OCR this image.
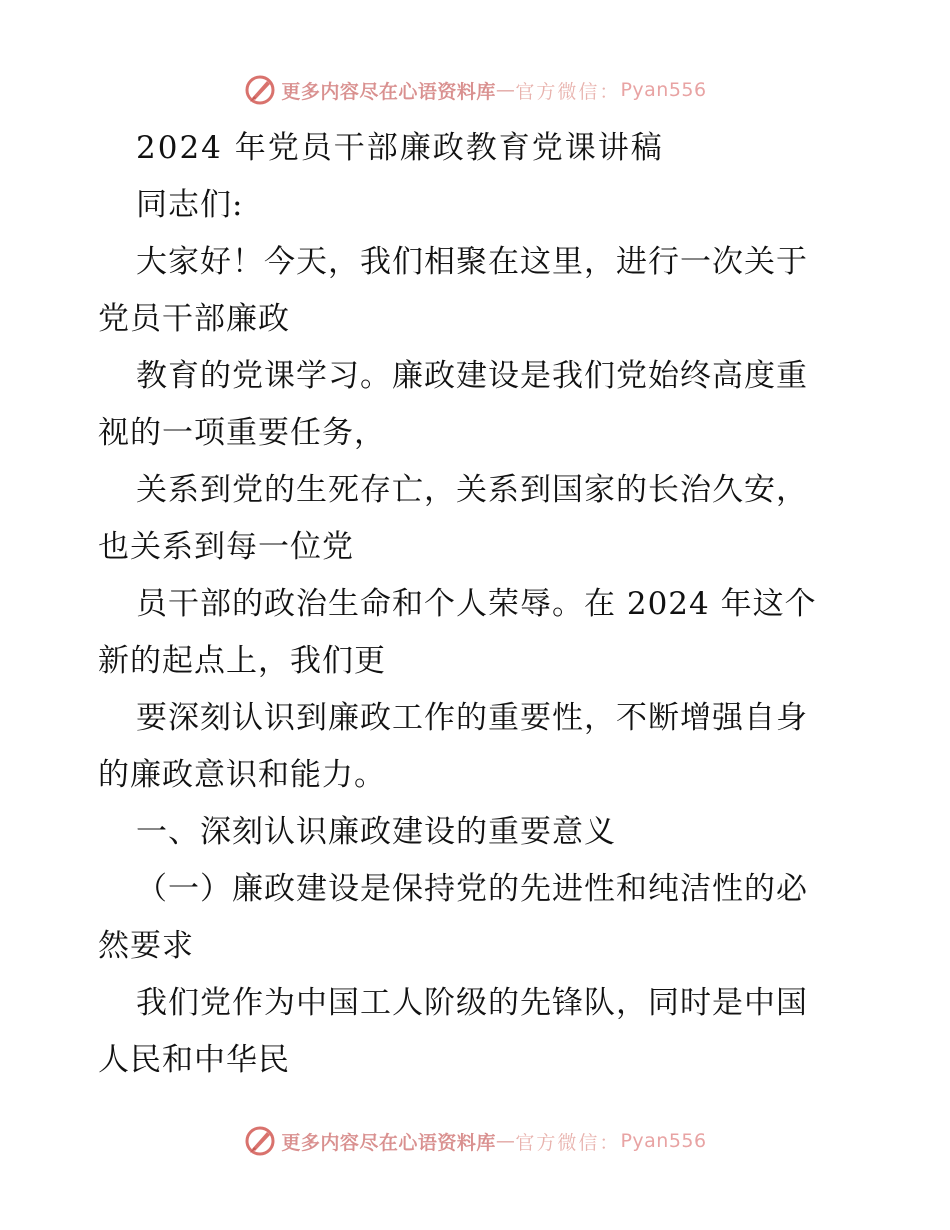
更多内容尽在心语资料库 — 官方微信： Pyan556

2024 年党员干部廉政教育党课讲稿

同志们:

大家好！今天，我们相聚在这里，进行一次关于

党员干部廉政

教育的党课学习。廉政建设是我们党始终高度重

视的一项重要任务，

关系到党的生死存亡，关系到国家的长治久安，

也关系到每一位党

员干部的政治生命和个人荣辱。在 2024 年这个

新的起点上，我们更

要深刻认识到廉政工作的重要性，不断增强自身

的廉政意识和能力。

一、深刻认识廉政建设的重要意义

（一）廉政建设是保持党的先进性和纯洁性的必

然要求

我们党作为中国工人阶级的先锋队，同时是中国

人民和中华民

更多内容尽在心语资料库 — 官方微信： Pyan556
